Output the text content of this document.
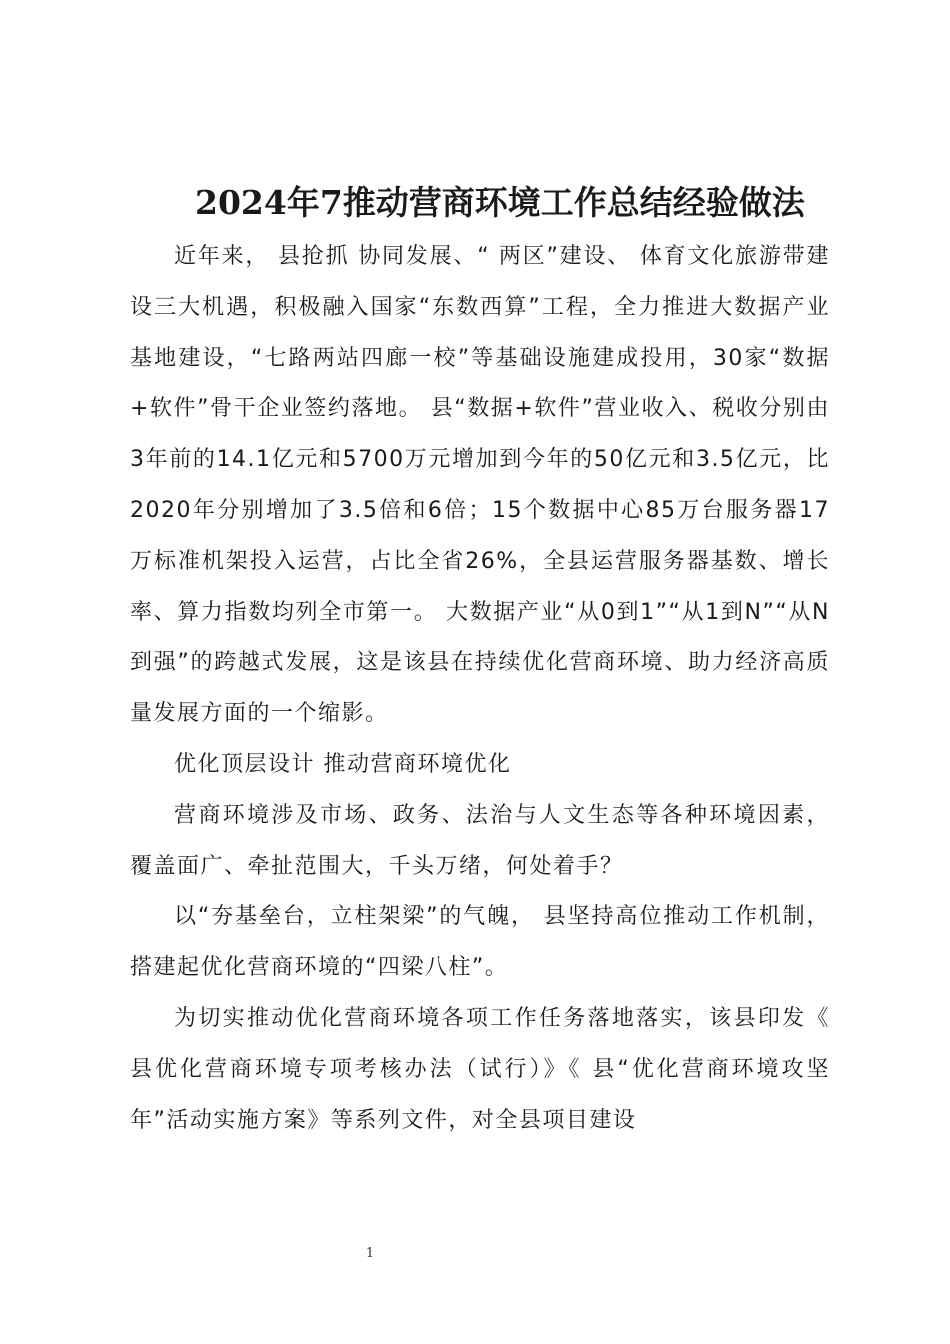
2024年7推动营商环境工作总结经验做法

近年来， 县抢抓 协同发展、“ 两区”建设、 体育文化旅游带建设三大机遇，积极融入国家“东数西算”工程，全力推进大数据产业基地建设，“七路两站四廊一校”等基础设施建成投用，30家“数据+软件”骨干企业签约落地。 县“数据+软件”营业收入、税收分别由3年前的14.1亿元和5700万元增加到今年的50亿元和3.5亿元，比2020年分别增加了3.5倍和6倍；15个数据中心85万台服务器17万标准机架投入运营，占比全省26%，全县运营服务器基数、增长率、算力指数均列全市第一。 大数据产业“从0到1”“从1到N”“从N到强”的跨越式发展，这是该县在持续优化营商环境、助力经济高质量发展方面的一个缩影。

优化顶层设计 推动营商环境优化

营商环境涉及市场、政务、法治与人文生态等各种环境因素，覆盖面广、牵扯范围大，千头万绪，何处着手？

以“夯基垒台，立柱架梁”的气魄， 县坚持高位推动工作机制，搭建起优化营商环境的“四梁八柱”。

为切实推动优化营商环境各项工作任务落地落实，该县印发《 县优化营商环境专项考核办法（试行）》《 县“优化营商环境攻坚年”活动实施方案》等系列文件，对全县项目建设

1
